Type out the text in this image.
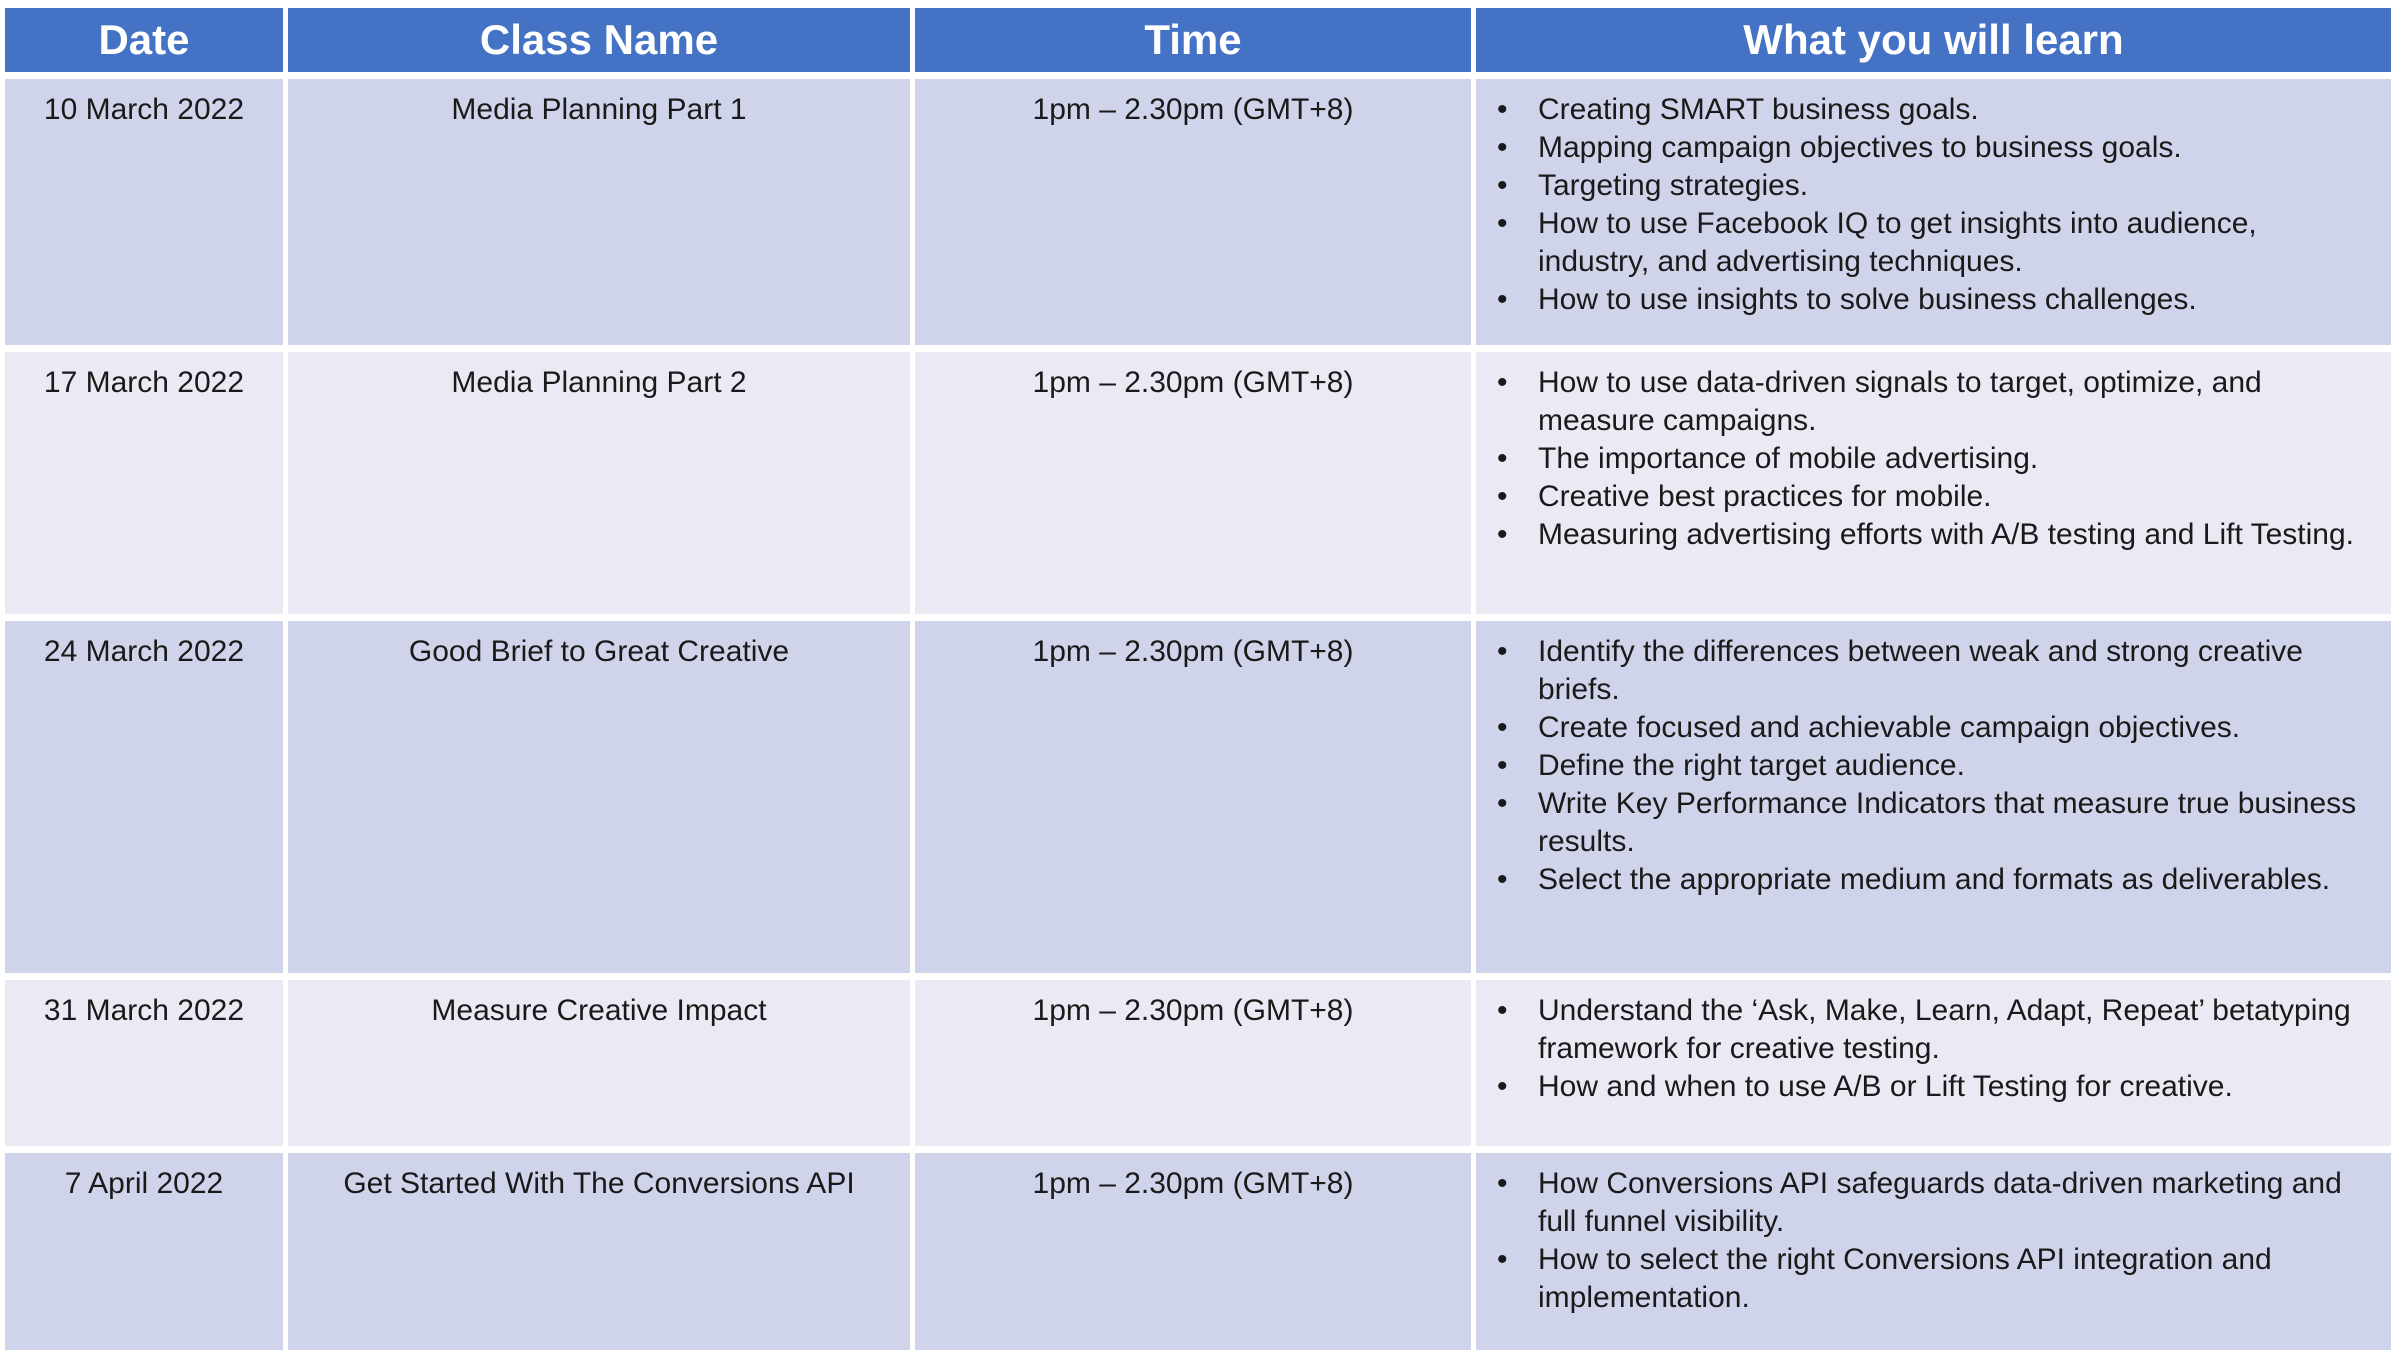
Date	Class Name	Time	What you will learn
10 March 2022	Media Planning Part 1	1pm – 2.30pm (GMT+8)	
•Creating SMART business goals.
• Mapping campaign objectives to business goals.
• Targeting strategies.
• How to use Facebook IQ to get insights into audience, industry, and advertising techniques.
• How to use insights to solve business challenges.

17 March 2022	Media Planning Part 2	1pm – 2.30pm (GMT+8)	
•How to use data-driven signals to target, optimize, and measure campaigns.
• The importance of mobile advertising.
• Creative best practices for mobile.
• Measuring advertising efforts with A/B testing and Lift Testing.

24 March 2022	Good Brief to Great Creative	1pm – 2.30pm (GMT+8)	
•Identify the differences between weak and strong creative briefs.
• Create focused and achievable campaign objectives.
• Define the right target audience.
• Write Key Performance Indicators that measure true business results.
• Select the appropriate medium and formats as deliverables.

31 March 2022	Measure Creative Impact	1pm – 2.30pm (GMT+8)	
•Understand the ‘Ask, Make, Learn, Adapt, Repeat’ betatyping framework for creative testing.
• How and when to use A/B or Lift Testing for creative.

7 April 2022	Get Started With The Conversions API	1pm – 2.30pm (GMT+8)	
•How Conversions API safeguards data-driven marketing and full funnel visibility.
• How to select the right Conversions API integration and implementation.
